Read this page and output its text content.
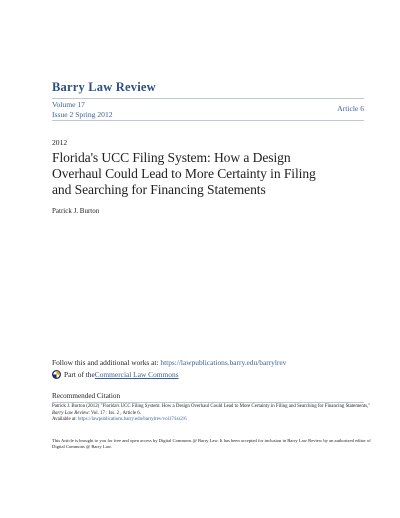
Barry Law Review
Volume 17
Issue 2 Spring 2012
Article 6
2012
Florida's UCC Filing System: How a Design
Overhaul Could Lead to More Certainty in Filing
and Searching for Financing Statements
Patrick J. Burton
Follow this and additional works at: https://lawpublications.barry.edu/barrylrev
Part of the Commercial Law Commons
Recommended Citation
Patrick J. Burton (2012) "Florida's UCC Filing System: How a Design Overhaul Could Lead to More Certainty in Filing and Searching for Financing Statements," Barry Law Review: Vol. 17 : Iss. 2 , Article 6.
Available at: https://lawpublications.barry.edu/barrylrev/vol17/iss2/6
This Article is brought to you for free and open access by Digital Commons @ Barry Law. It has been accepted for inclusion in Barry Law Review by an authorized editor of Digital Commons @ Barry Law.
